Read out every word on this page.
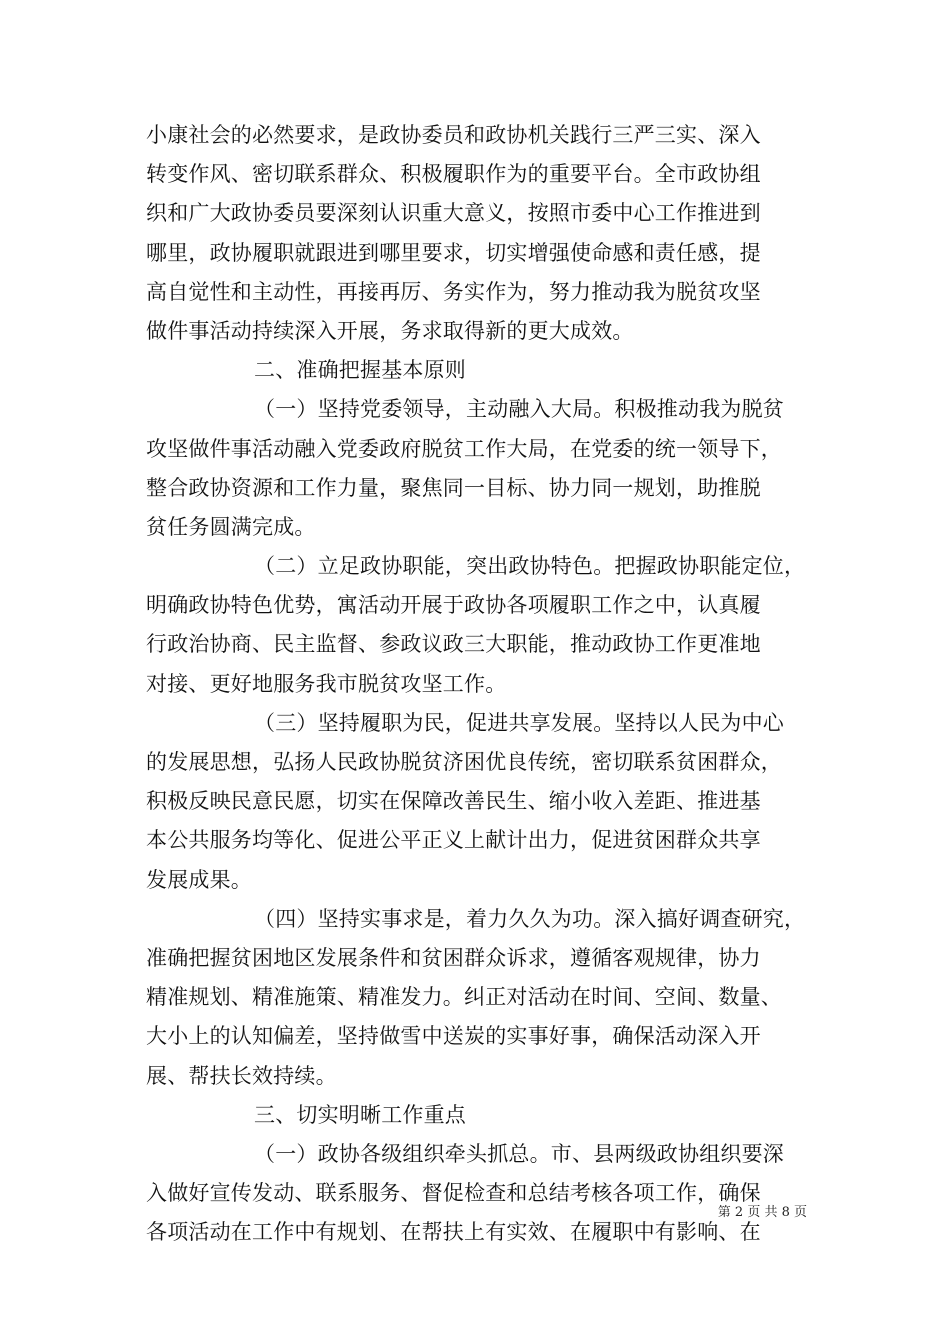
小康社会的必然要求，是政协委员和政协机关践行三严三实、深入
转变作风、密切联系群众、积极履职作为的重要平台。全市政协组
织和广大政协委员要深刻认识重大意义，按照市委中心工作推进到
哪里，政协履职就跟进到哪里要求，切实增强使命感和责任感，提
高自觉性和主动性，再接再厉、务实作为，努力推动我为脱贫攻坚
做件事活动持续深入开展，务求取得新的更大成效。
二、准确把握基本原则
（一）坚持党委领导，主动融入大局。积极推动我为脱贫
攻坚做件事活动融入党委政府脱贫工作大局，在党委的统一领导下，
整合政协资源和工作力量，聚焦同一目标、协力同一规划，助推脱
贫任务圆满完成。
（二）立足政协职能，突出政协特色。把握政协职能定位，
明确政协特色优势，寓活动开展于政协各项履职工作之中，认真履
行政治协商、民主监督、参政议政三大职能，推动政协工作更准地
对接、更好地服务我市脱贫攻坚工作。
（三）坚持履职为民，促进共享发展。坚持以人民为中心
的发展思想，弘扬人民政协脱贫济困优良传统，密切联系贫困群众，
积极反映民意民愿，切实在保障改善民生、缩小收入差距、推进基
本公共服务均等化、促进公平正义上献计出力，促进贫困群众共享
发展成果。
（四）坚持实事求是，着力久久为功。深入搞好调查研究，
准确把握贫困地区发展条件和贫困群众诉求，遵循客观规律，协力
精准规划、精准施策、精准发力。纠正对活动在时间、空间、数量、
大小上的认知偏差，坚持做雪中送炭的实事好事，确保活动深入开
展、帮扶长效持续。
三、切实明晰工作重点
（一）政协各级组织牵头抓总。市、县两级政协组织要深
入做好宣传发动、联系服务、督促检查和总结考核各项工作，确保
各项活动在工作中有规划、在帮扶上有实效、在履职中有影响、在
第 2 页 共 8 页
